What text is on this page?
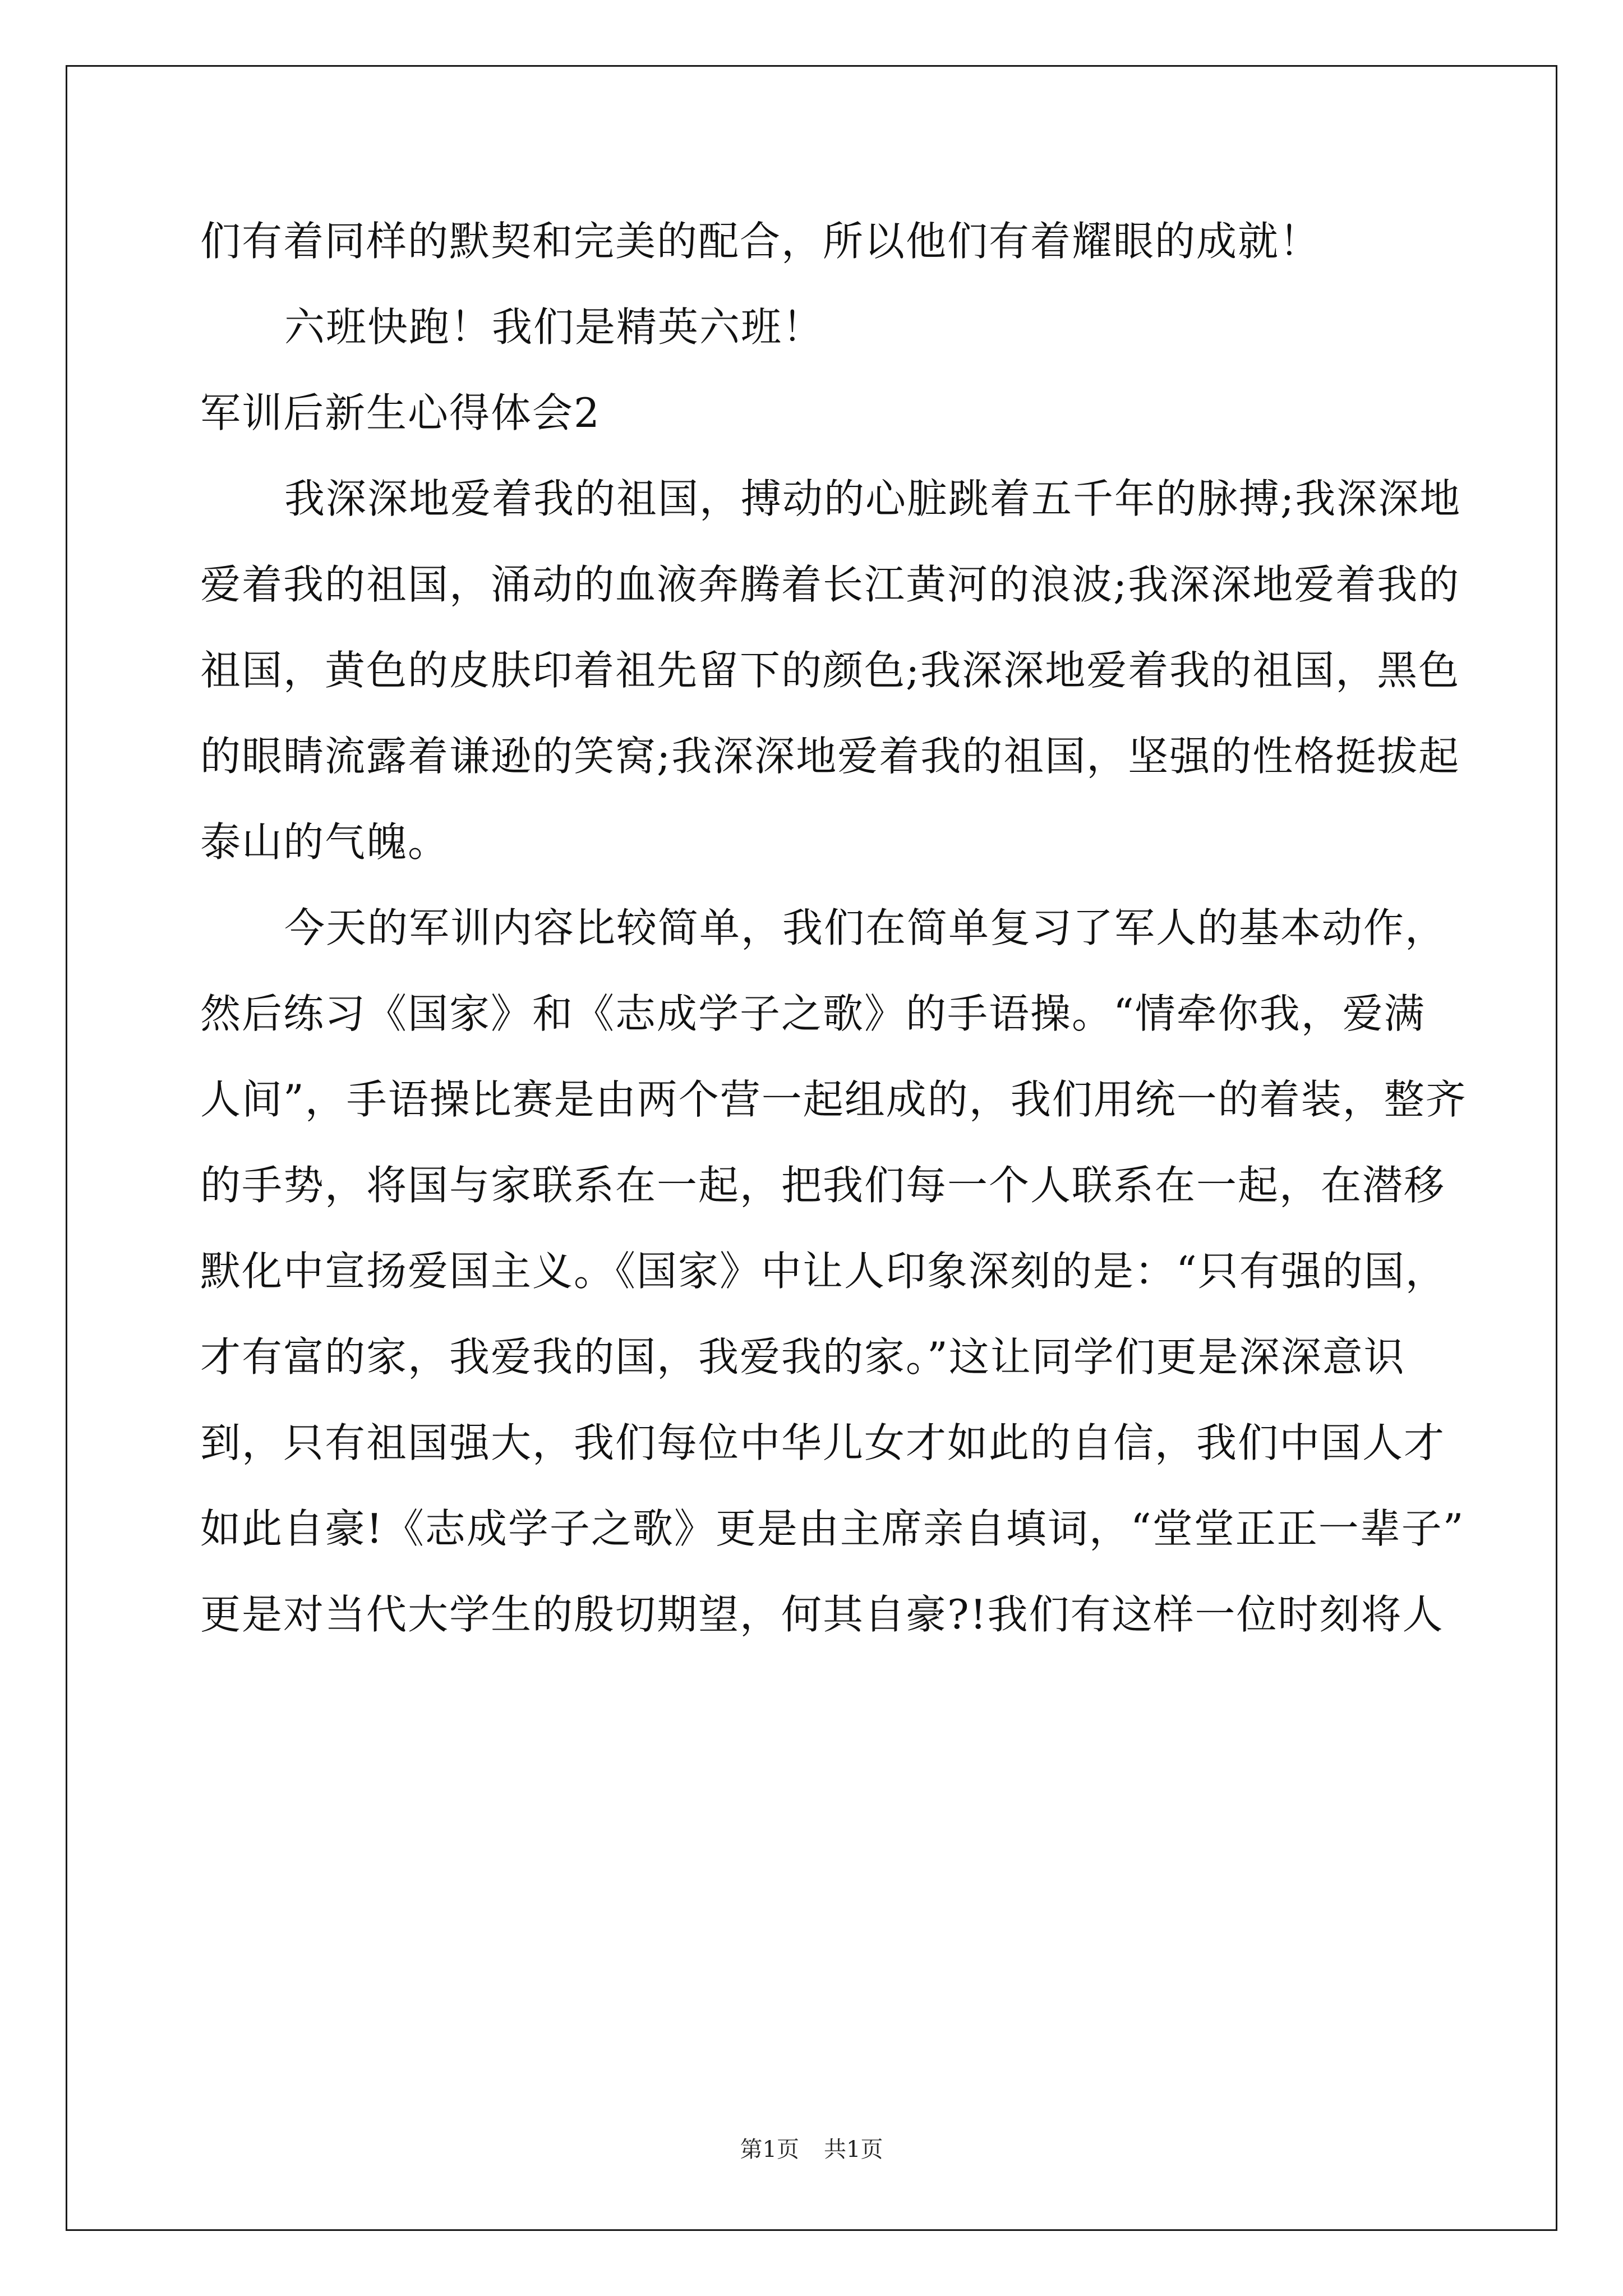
们有着同样的默契和完美的配合，所以他们有着耀眼的成就！
六班快跑！我们是精英六班！
军训后新生心得体会2
我深深地爱着我的祖国，搏动的心脏跳着五千年的脉搏;我深深地
爱着我的祖国，涌动的血液奔腾着长江黄河的浪波;我深深地爱着我的
祖国，黄色的皮肤印着祖先留下的颜色;我深深地爱着我的祖国，黑色
的眼睛流露着谦逊的笑窝;我深深地爱着我的祖国，坚强的性格挺拔起
泰山的气魄。
今天的军训内容比较简单，我们在简单复习了军人的基本动作，
然后练习《国家》和《志成学子之歌》的手语操。“情牵你我，爱满
人间”，手语操比赛是由两个营一起组成的，我们用统一的着装，整齐
的手势，将国与家联系在一起，把我们每一个人联系在一起，在潜移
默化中宣扬爱国主义。《国家》中让人印象深刻的是：“只有强的国，
才有富的家，我爱我的国，我爱我的家。”这让同学们更是深深意识
到，只有祖国强大，我们每位中华儿女才如此的自信，我们中国人才
如此自豪!《志成学子之歌》更是由主席亲自填词，“堂堂正正一辈子”
更是对当代大学生的殷切期望，何其自豪?!我们有这样一位时刻将人
第1页 共1页
